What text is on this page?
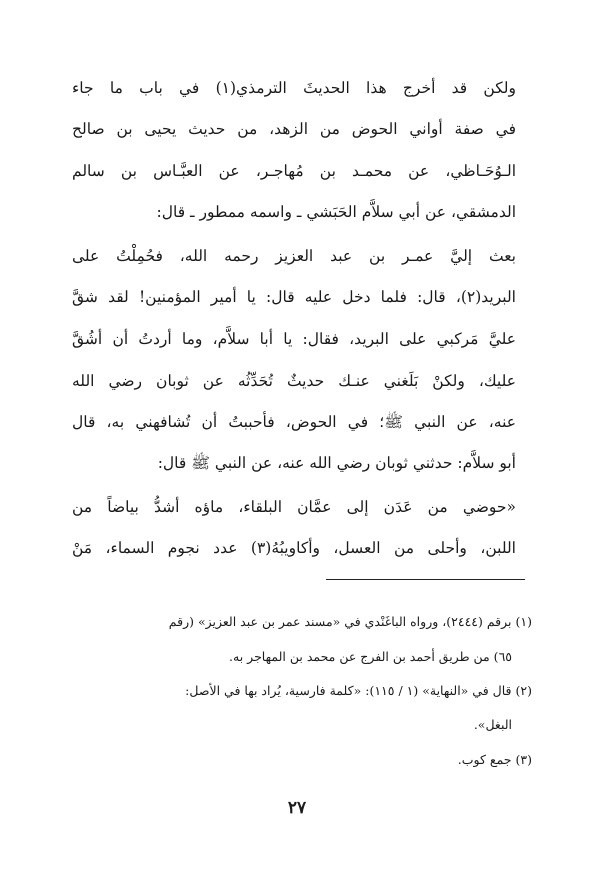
ولكن قد أخرج هذا الحديثَ الترمذي(١) في باب ما جاء
في صفة أواني الحوض من الزهد، من حديث يحيى بن صالح
الـوُحَـاظي، عن محمـد بن مُهاجـر، عن العبَّـاس بن سالم
الدمشقي، عن أبي سلاَّم الحَبَشي ـ واسمه ممطور ـ قال:
بعث إليَّ عمـر بن عبد العزيز رحمه الله، فحُمِلْتُ على
البريد(٢)، قال: فلما دخل عليه قال: يا أمير المؤمنين! لقد شقَّ
عليَّ مَركبي على البريد، فقال: يا أبا سلاَّم، وما أردتُ أن أشُقَّ
عليك، ولكنْ بَلَغني عنـك حديثٌ تُحَدِّثُه عن ثوبان رضي الله
عنه، عن النبي ﷺ؛ في الحوض، فأحببتُ أن تُشافهني به، قال
أبو سلاَّم: حدثني ثوبان رضي الله عنه، عن النبي ﷺ قال:
«حوضي من عَدَن إلى عمَّان البلقاء، ماؤه أشدُّ بياضاً من
اللبن، وأحلى من العسل، وأكاويبُهُ(٣) عدد نجوم السماء، مَنْ
(١) برقم (٢٤٤٤)، ورواه الباغَنْدي في «مسند عمر بن عبد العزيز» (رقم
٦٥) من طريق أحمد بن الفرج عن محمد بن المهاجر به.
(٢) قال في «النهاية» (١ / ١١٥): «كلمة فارسية، يُراد بها في الأصل:
البغل».
(٣) جمع كوب.
٢٧
